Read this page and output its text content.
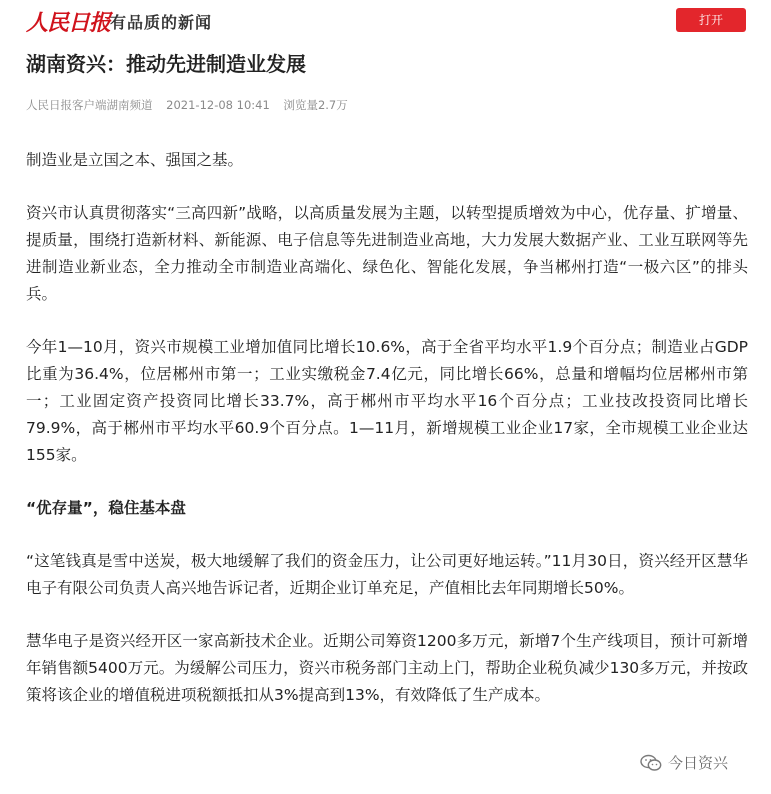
人民日报 有品质的新闻	打开
湖南资兴：推动先进制造业发展
人民日报客户端湖南频道 2021-12-08 10:41 浏览量2.7万

制造业是立国之本、强国之基。

资兴市认真贯彻落实“三高四新”战略，以高质量发展为主题，以转型提质增效为中心，优存量、扩增量、提质量，围绕打造新材料、新能源、电子信息等先进制造业高地，大力发展大数据产业、工业互联网等先进制造业新业态，全力推动全市制造业高端化、绿色化、智能化发展，争当郴州打造“一极六区”的排头兵。

今年1—10月，资兴市规模工业增加值同比增长10.6%，高于全省平均水平1.9个百分点；制造业占GDP比重为36.4%，位居郴州市第一；工业实缴税金7.4亿元，同比增长66%，总量和增幅均位居郴州市第一；工业固定资产投资同比增长33.7%，高于郴州市平均水平16个百分点；工业技改投资同比增长79.9%，高于郴州市平均水平60.9个百分点。1—11月，新增规模工业企业17家，全市规模工业企业达155家。

“优存量”，稳住基本盘

“这笔钱真是雪中送炭，极大地缓解了我们的资金压力，让公司更好地运转。”11月30日，资兴经开区慧华电子有限公司负责人高兴地告诉记者，近期企业订单充足，产值相比去年同期增长50%。

慧华电子是资兴经开区一家高新技术企业。近期公司筹资1200多万元，新增7个生产线项目，预计可新增年销售额5400万元。为缓解公司压力，资兴市税务部门主动上门，帮助企业税负减少130多万元，并按政策将该企业的增值税进项税额抵扣从3%提高到13%，有效降低了生产成本。

今日资兴
